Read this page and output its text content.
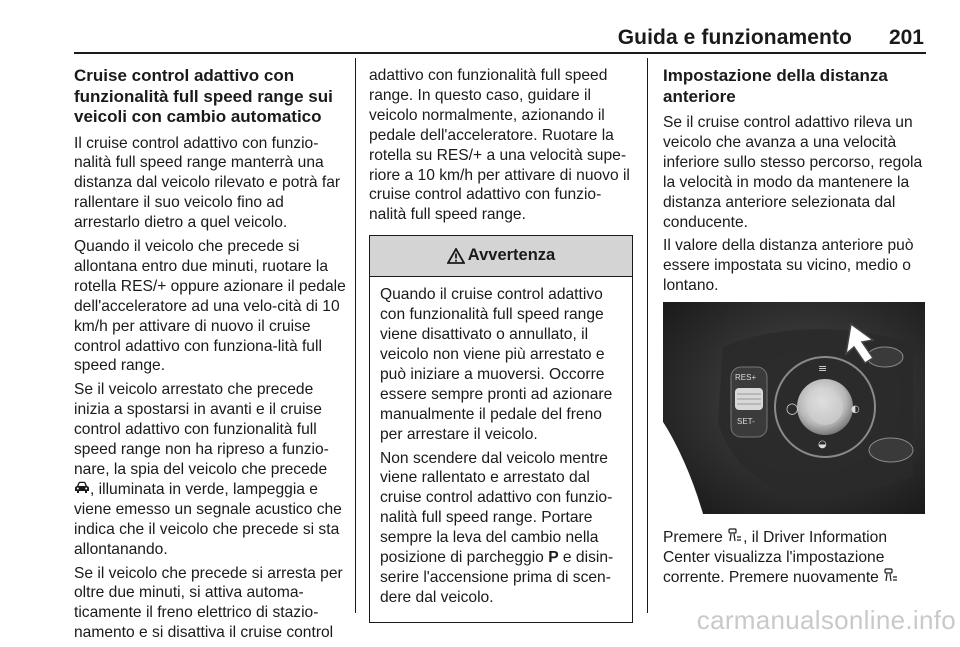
Guida e funzionamento 201
Cruise control adattivo con funzionalità full speed range sui veicoli con cambio automatico

Il cruise control adattivo con funzio-nalità full speed range manterrà una distanza dal veicolo rilevato e potrà far rallentare il suo veicolo fino ad arrestarlo dietro a quel veicolo.

Quando il veicolo che precede si allontana entro due minuti, ruotare la rotella RES/+ oppure azionare il pedale dell'acceleratore ad una velo-cità di 10 km/h per attivare di nuovo il cruise control adattivo con funziona-lità full speed range.

Se il veicolo arrestato che precede inizia a spostarsi in avanti e il cruise control adattivo con funzionalità full speed range non ha ripreso a funzio-nare, la spia del veicolo che precede
, illuminata in verde, lampeggia e viene emesso un segnale acustico che indica che il veicolo che precede si sta allontanando.

Se il veicolo che precede si arresta per oltre due minuti, si attiva automa-ticamente il freno elettrico di stazio-namento e si disattiva il cruise control

adattivo con funzionalità full speed range. In questo caso, guidare il veicolo normalmente, azionando il pedale dell'acceleratore. Ruotare la rotella su RES/+ a una velocità supe-riore a 10 km/h per attivare di nuovo il cruise control adattivo con funzio-nalità full speed range.

Avvertenza

Quando il cruise control adattivo con funzionalità full speed range viene disattivato o annullato, il veicolo non viene più arrestato e può iniziare a muoversi. Occorre essere sempre pronti ad azionare manualmente il pedale del freno per arrestare il veicolo.

Non scendere dal veicolo mentre viene rallentato e arrestato dal cruise control adattivo con funzio-nalità full speed range. Portare sempre la leva del cambio nella posizione di parcheggio P e disin-serire l'accensione prima di scen-dere dal veicolo.

Impostazione della distanza anteriore

Se il cruise control adattivo rileva un veicolo che avanza a una velocità inferiore sullo stesso percorso, regola la velocità in modo da mantenere la distanza anteriore selezionata dal conducente.

Il valore della distanza anteriore può essere impostata su vicino, medio o lontano.

RES+
SET-
≡
◯	◐
◒

Premere , il Driver Information Center visualizza l'impostazione corrente. Premere nuovamente

carmanualsonline.info
